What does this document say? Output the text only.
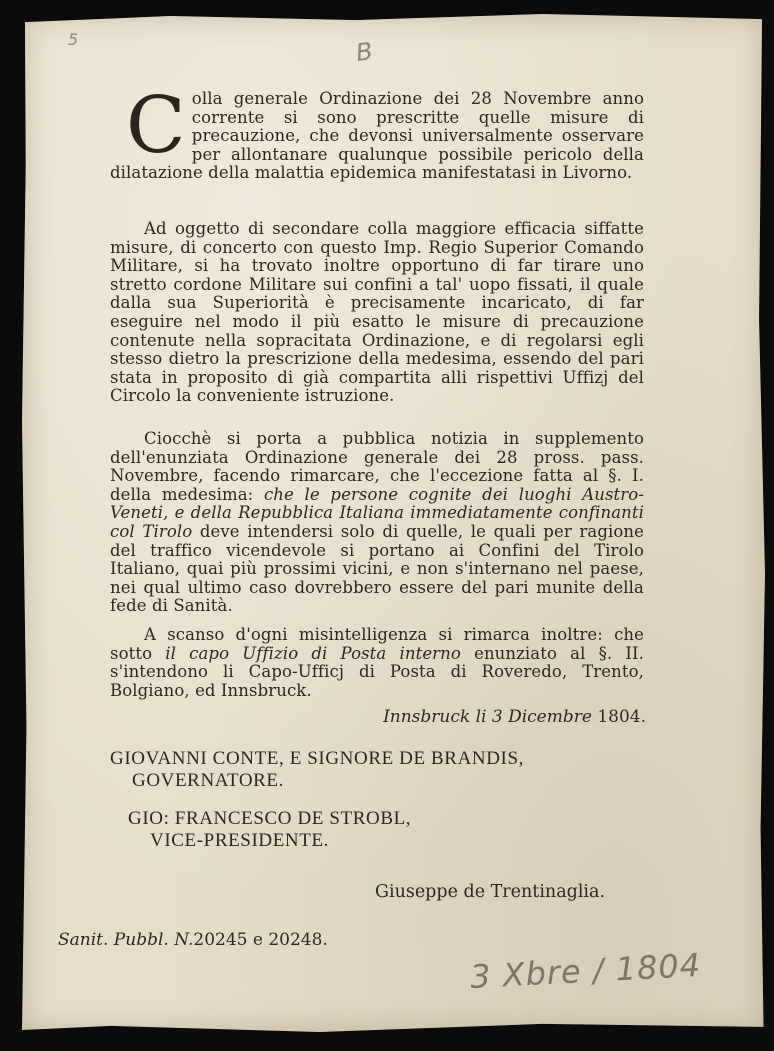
5	B

Colla generale Ordinazione dei 28 Novembre anno corrente si sono prescritte quelle misure di precauzione, che devonsi universalmente osservare per allontanare qualunque possibile pericolo della dilatazione della malattia epidemica manifestatasi in Livorno.

Ad oggetto di secondare colla maggiore efficacia siffatte misure, di concerto con questo Imp. Regio Superior Comando Militare, si ha trovato inoltre opportuno di far tirare uno stretto cordone Militare sui confini a tal' uopo fissati, il quale dalla sua Superiorità è precisamente incaricato, di far eseguire nel modo il più esatto le misure di precauzione contenute nella sopracitata Ordinazione, e di regolarsi egli stesso dietro la prescrizione della medesima, essendo del pari stata in proposito di già compartita alli rispettivi Uffizj del Circolo la conveniente istruzione.

Ciocchè si porta a pubblica notizia in supplemento dell'enunziata Ordinazione generale dei 28 pross. pass. Novembre, facendo rimarcare, che l'eccezione fatta al §. I. della medesima: che le persone cognite dei luoghi Austro-Veneti, e della Repubblica Italiana immediatamente confinanti col Tirolo deve intendersi solo di quelle, le quali per ragione del traffico vicendevole si portano ai Confini del Tirolo Italiano, quai più prossimi vicini, e non s'internano nel paese, nei qual ultimo caso dovrebbero essere del pari munite della fede di Sanità.

A scanso d'ogni misintelligenza si rimarca inoltre: che sotto il capo Uffizio di Posta interno enunziato al §. II. s'intendono li Capo-Ufficj di Posta di Roveredo, Trento, Bolgiano, ed Innsbruck.

Innsbruck li 3 Dicembre 1804.
GIOVANNI CONTE, E SIGNORE DE BRANDIS,
GOVERNATORE.
GIO: FRANCESCO DE STROBL,
VICE-PRESIDENTE.
Giuseppe de Trentinaglia.
Sanit. Pubbl. N.20245 e 20248.
3 Xbre / 1804
